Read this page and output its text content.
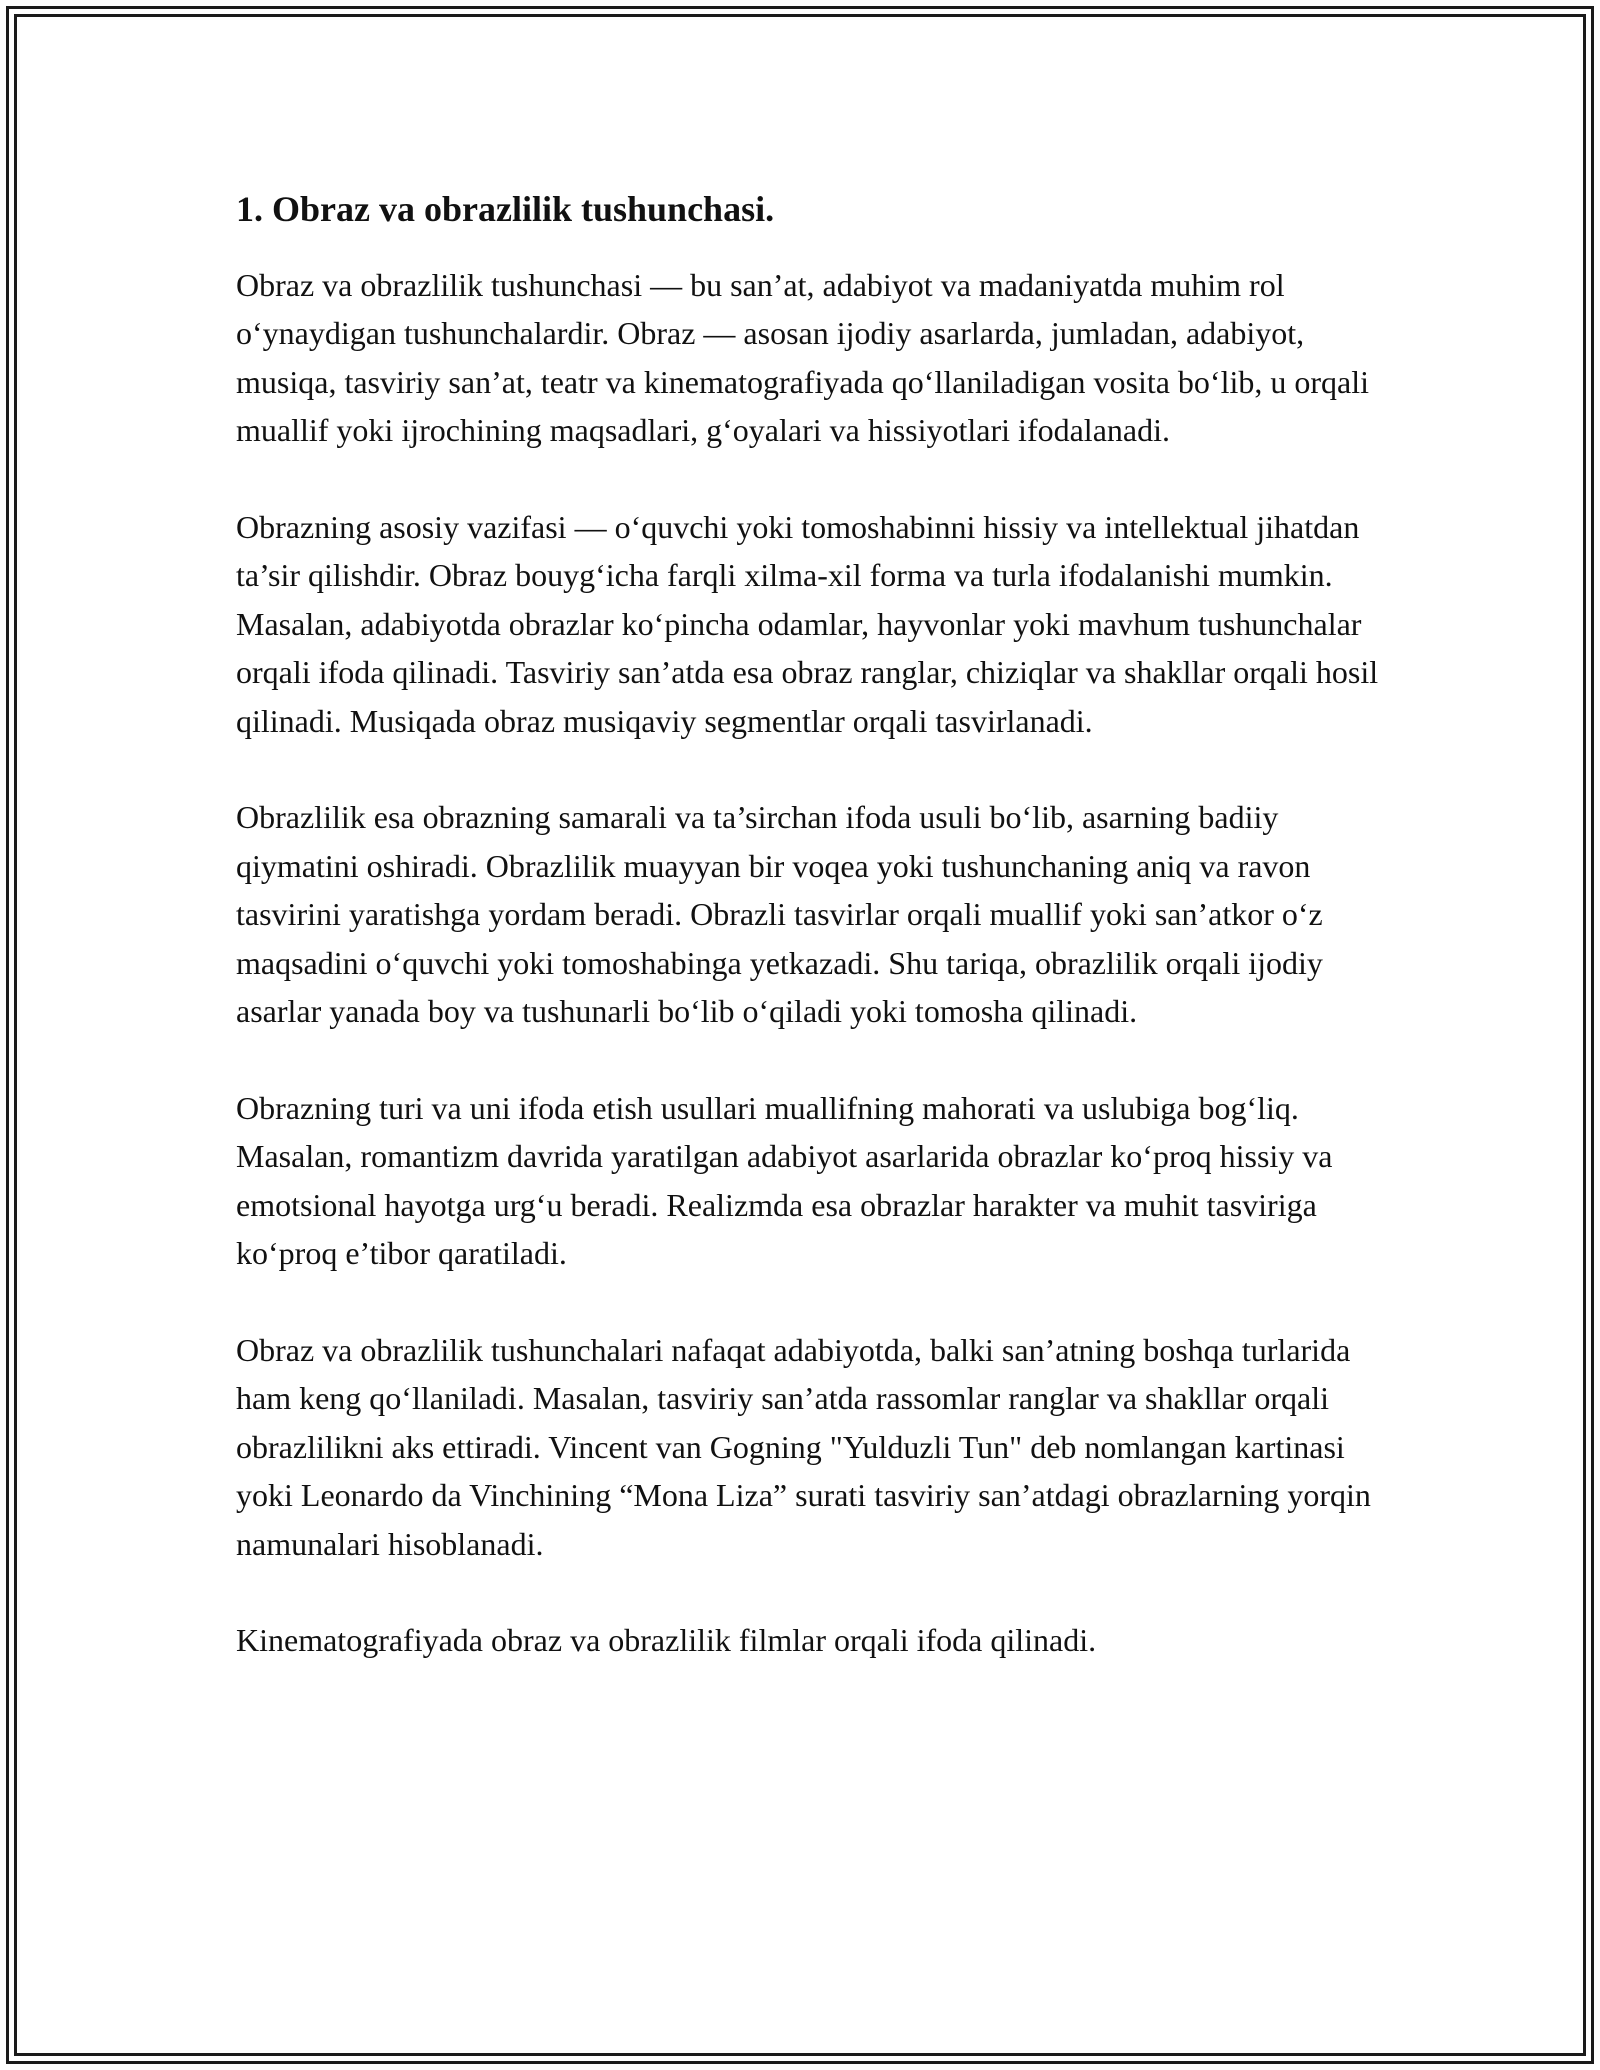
1. Obraz va obrazlilik tushunchasi.

Obraz va obrazlilik tushunchasi — bu san’at, adabiyot va madaniyatda muhim rol o‘ynaydigan tushunchalardir. Obraz — asosan ijodiy asarlarda, jumladan, adabiyot, musiqa, tasviriy san’at, teatr va kinematografiyada qo‘llaniladigan vosita bo‘lib, u orqali muallif yoki ijrochining maqsadlari, g‘oyalari va hissiyotlari ifodalanadi.

Obrazning asosiy vazifasi — o‘quvchi yoki tomoshabinni hissiy va intellektual jihatdan ta’sir qilishdir. Obraz bouyg‘icha farqli xilma-xil forma va turla ifodalanishi mumkin. Masalan, adabiyotda obrazlar ko‘pincha odamlar, hayvonlar yoki mavhum tushunchalar orqali ifoda qilinadi. Tasviriy san’atda esa obraz ranglar, chiziqlar va shakllar orqali hosil qilinadi. Musiqada obraz musiqaviy segmentlar orqali tasvirlanadi.

Obrazlilik esa obrazning samarali va ta’sirchan ifoda usuli bo‘lib, asarning badiiy qiymatini oshiradi. Obrazlilik muayyan bir voqea yoki tushunchaning aniq va ravon tasvirini yaratishga yordam beradi. Obrazli tasvirlar orqali muallif yoki san’atkor o‘z maqsadini o‘quvchi yoki tomoshabinga yetkazadi. Shu tariqa, obrazlilik orqali ijodiy asarlar yanada boy va tushunarli bo‘lib o‘qiladi yoki tomosha qilinadi.

Obrazning turi va uni ifoda etish usullari muallifning mahorati va uslubiga bog‘liq. Masalan, romantizm davrida yaratilgan adabiyot asarlarida obrazlar ko‘proq hissiy va emotsional hayotga urg‘u beradi. Realizmda esa obrazlar harakter va muhit tasviriga ko‘proq e’tibor qaratiladi.

Obraz va obrazlilik tushunchalari nafaqat adabiyotda, balki san’atning boshqa turlarida ham keng qo‘llaniladi. Masalan, tasviriy san’atda rassomlar ranglar va shakllar orqali obrazlilikni aks ettiradi. Vincent van Gogning "Yulduzli Tun" deb nomlangan kartinasi yoki Leonardo da Vinchining “Mona Liza” surati tasviriy san’atdagi obrazlarning yorqin namunalari hisoblanadi.

Kinematografiyada obraz va obrazlilik filmlar orqali ifoda qilinadi.
